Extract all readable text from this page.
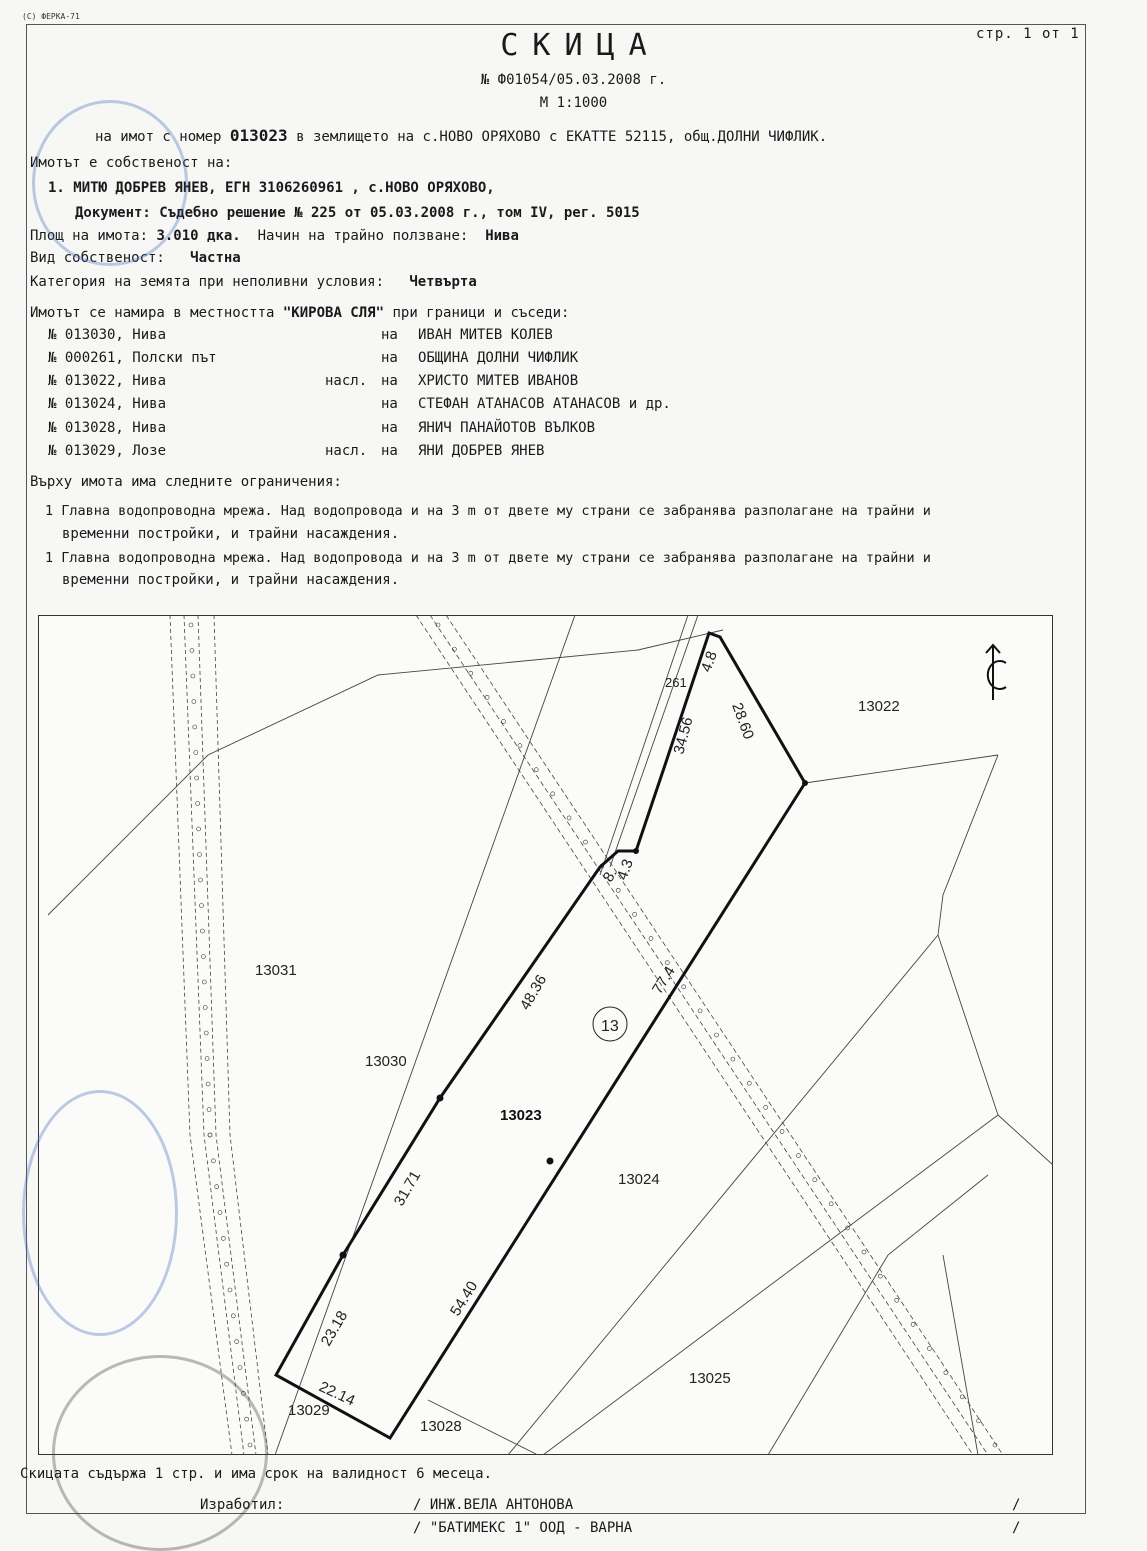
(С) ФЕРКА-71
стр. 1 от 1
СКИЦА
№ Ф01054/05.03.2008 г.
М 1:1000
на имот с номер 013023 в землището на с.НОВО ОРЯХОВО с ЕКАТТЕ 52115, общ.ДОЛНИ ЧИФЛИК.
Имотът е собственост на:
1. МИТЮ ДОБРЕВ ЯНЕВ, ЕГН 3106260961 , с.НОВО ОРЯХОВО,
Документ: Съдебно решение № 225 от 05.03.2008 г., том IV, рег. 5015
Площ на имота: 3.010 дка. Начин на трайно ползване: Нива
Вид собственост: Частна
Категория на земята при неполивни условия: Четвърта
Имотът се намира в местността "КИРОВА СЛЯ" при граници и съседи:
№ 013030, Нива	на ИВАН МИТЕВ КОЛЕВ
№ 000261, Полски път	на ОБЩИНА ДОЛНИ ЧИФЛИК
№ 013022, Нива	насл. на ХРИСТО МИТЕВ ИВАНОВ
№ 013024, Нива	на СТЕФАН АТАНАСОВ АТАНАСОВ и др.
№ 013028, Нива	на ЯНИЧ ПАНАЙОТОВ ВЪЛКОВ
№ 013029, Лозе	насл. на ЯНИ ДОБРЕВ ЯНЕВ
Върху имота има следните ограничения:
1 Главна водопроводна мрежа. Над водопровода и на 3 m от двете му страни се забранява разполагане на трайни и
временни постройки, и трайни насаждения.
1 Главна водопроводна мрежа. Над водопровода и на 3 m от двете му страни се забранява разполагане на трайни и
временни постройки, и трайни насаждения.
13022
13031
13030
13024
13025
13029
13028
13023
261
13
4.8
28.60
34.56
4.3
8.
77.4
48.36
31.71
23.18
54.40
22.14
Скицата съдържа 1 стр. и има срок на валидност 6 месеца.
Изработил:	/ ИНЖ.ВЕЛА АНТОНОВА
/ "БАТИМЕКС 1" ООД - ВАРНА
/
/
